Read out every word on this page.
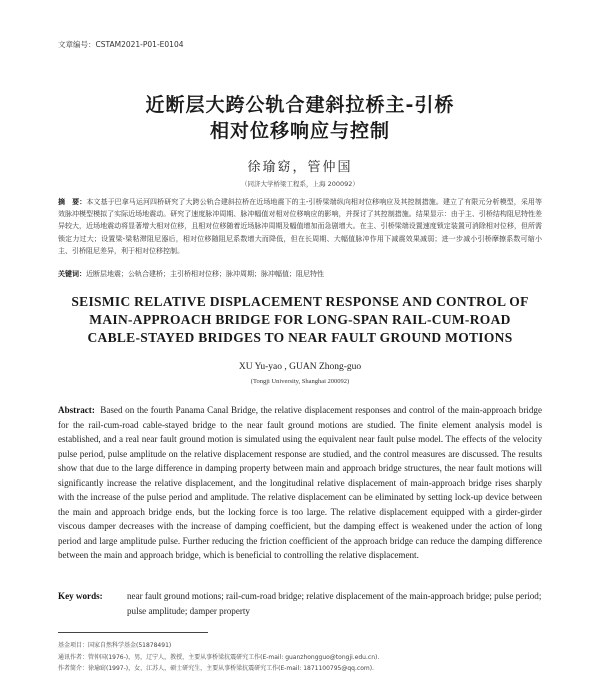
文章编号：CSTAM2021-P01-E0104
近断层大跨公轨合建斜拉桥主-引桥
相对位移响应与控制
徐瑜窈，管仲国
（同济大学桥梁工程系，上海 200092）
摘　要：本文基于巴拿马运河四桥研究了大跨公轨合建斜拉桥在近场地震下的主-引桥梁端纵向相对位移响应及其控制措施。建立了有限元分析模型，采用等效脉冲模型模拟了实际近场地震动。研究了速度脉冲周期、脉冲幅值对相对位移响应的影响，并探讨了其控制措施。结果显示：由于主、引桥结构阻尼特性差异较大，近场地震动将显著增大相对位移，且相对位移随着近场脉冲周期及幅值增加而急剧增大。在主、引桥梁端设置速度锁定装置可消除相对位移，但所需锁定力过大；设置梁-梁粘滞阻尼器后，相对位移随阻尼系数增大而降低，但在长周期、大幅值脉冲作用下减震效果减弱；进一步减小引桥摩擦系数可缩小主、引桥阻尼差异，利于相对位移控制。
关键词：近断层地震；公轨合建桥；主引桥相对位移；脉冲周期；脉冲幅值；阻尼特性
SEISMIC RELATIVE DISPLACEMENT RESPONSE AND CONTROL OF
MAIN-APPROACH BRIDGE FOR LONG-SPAN RAIL-CUM-ROAD
CABLE-STAYED BRIDGES TO NEAR FAULT GROUND MOTIONS
XU Yu-yao , GUAN Zhong-guo
(Tongji University, Shanghai 200092)
Abstract: Based on the fourth Panama Canal Bridge, the relative displacement responses and control of the main-approach bridge for the rail-cum-road cable-stayed bridge to the near fault ground motions are studied. The finite element analysis model is established, and a real near fault ground motion is simulated using the equivalent near fault pulse model. The effects of the velocity pulse period, pulse amplitude on the relative displacement response are studied, and the control measures are discussed. The results show that due to the large difference in damping property between main and approach bridge structures, the near fault motions will significantly increase the relative displacement, and the longitudinal relative displacement of main-approach bridge rises sharply with the increase of the pulse period and amplitude. The relative displacement can be eliminated by setting lock-up device between the main and approach bridge ends, but the locking force is too large. The relative displacement equipped with a girder-girder viscous damper decreases with the increase of damping coefficient, but the damping effect is weakened under the action of long period and large amplitude pulse. Further reducing the friction coefficient of the approach bridge can reduce the damping difference between the main and approach bridge, which is beneficial to controlling the relative displacement.
Key words:	near fault ground motions; rail-cum-road bridge; relative displacement of the main-approach bridge; pulse period; pulse amplitude; damper property
基金项目：国家自然科学基金(51878491)
通讯作者：管仲国(1976-)，男，辽宁人，教授，主要从事桥梁抗震研究工作(E-mail: guanzhongguo@tongji.edu.cn).
作者简介：徐瑜窈(1997-)，女，江苏人，硕士研究生，主要从事桥梁抗震研究工作(E-mail: 1871100795@qq.com).
